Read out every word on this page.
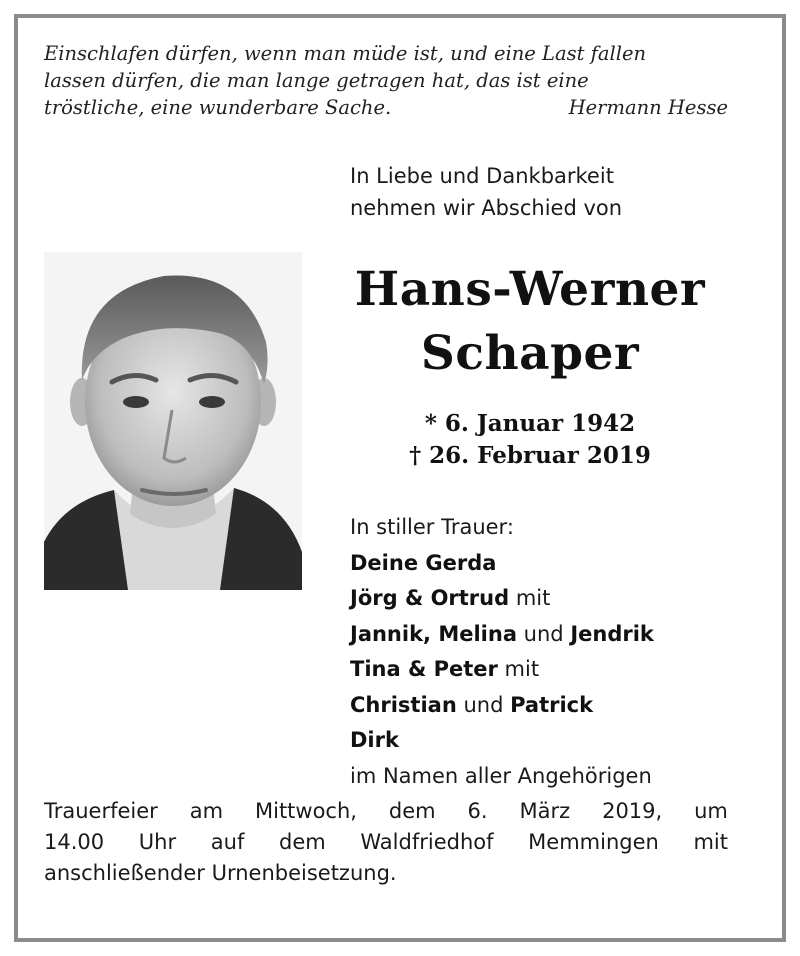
Einschlafen dürfen, wenn man müde ist, und eine Last fallen
lassen dürfen, die man lange getragen hat, das ist eine
tröstliche, eine wunderbare Sache.	Hermann Hesse
In Liebe und Dankbarkeit
nehmen wir Abschied von
Hans-Werner
Schaper
* 6. Januar 1942
† 26. Februar 2019
In stiller Trauer:
Deine Gerda
Jörg & Ortrud mit
Jannik, Melina und Jendrik
Tina & Peter mit
Christian und Patrick
Dirk
im Namen aller Angehörigen
Trauerfeier am Mittwoch, dem 6. März 2019, um
14.00 Uhr auf dem Waldfriedhof Memmingen mit
anschließender Urnenbeisetzung.
